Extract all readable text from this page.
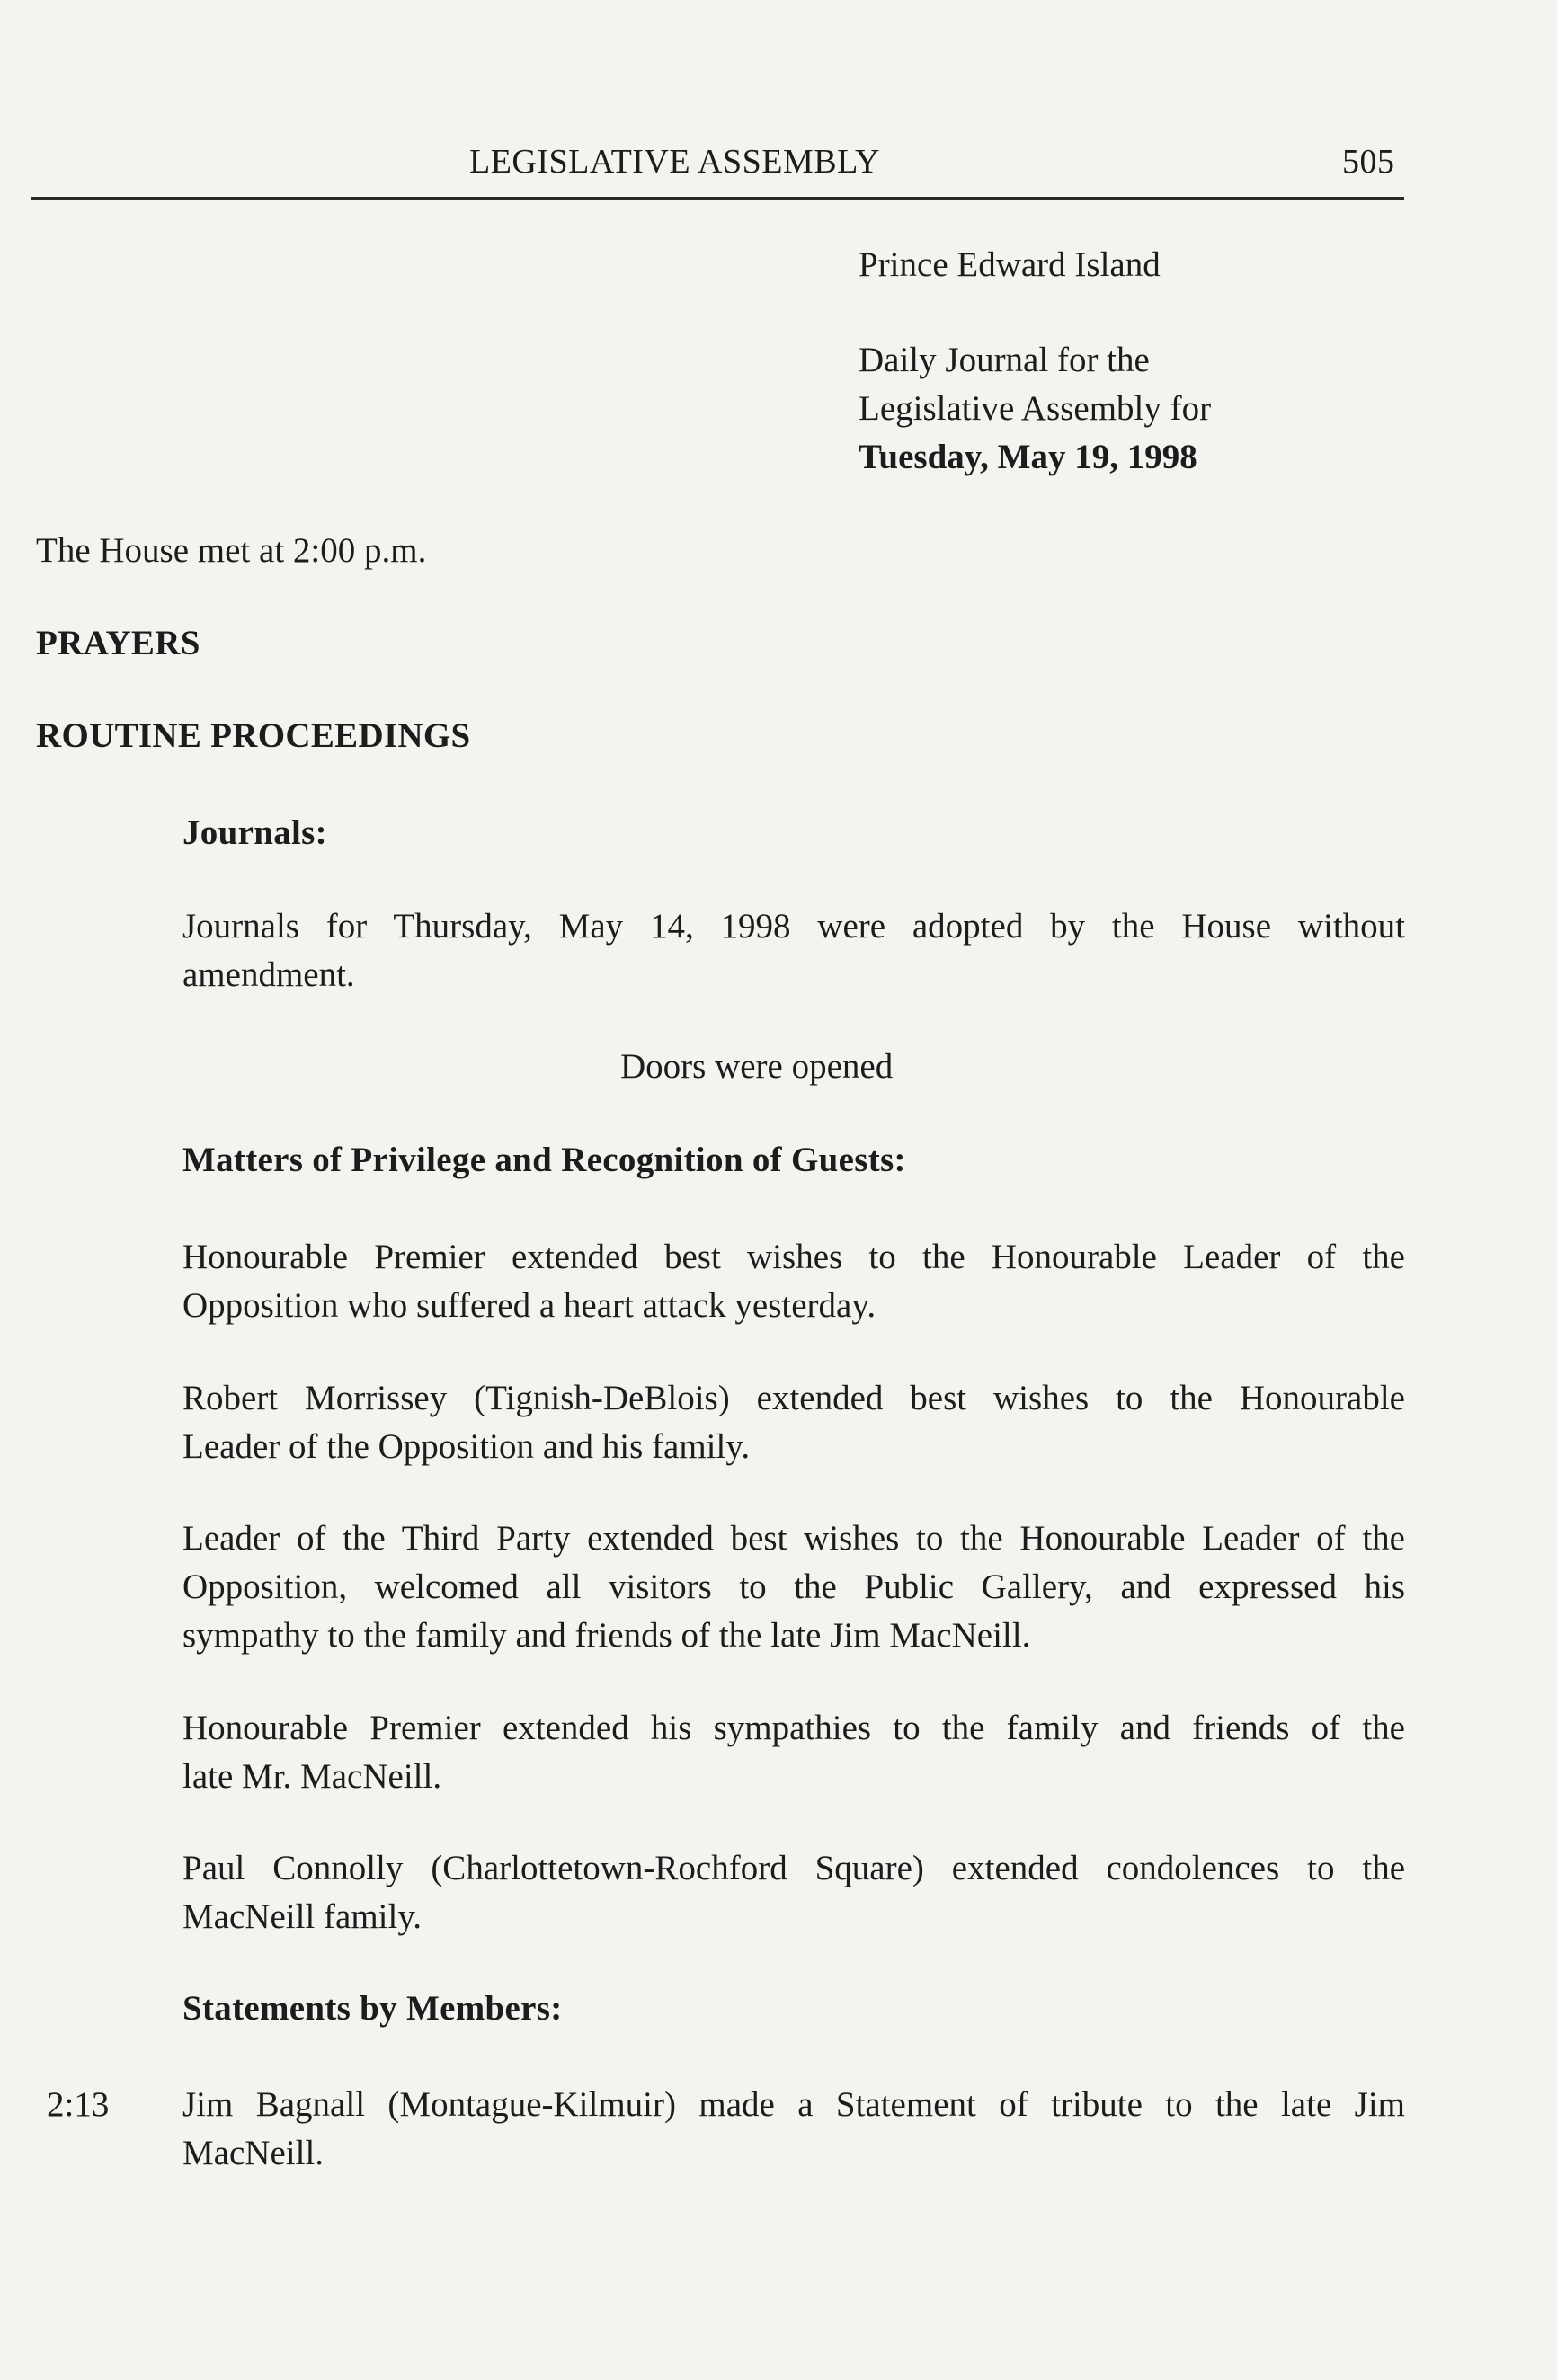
LEGISLATIVE ASSEMBLY	505
Prince Edward Island
Daily Journal for the
Legislative Assembly for
Tuesday, May 19, 1998
The House met at 2:00 p.m.
PRAYERS
ROUTINE PROCEEDINGS
Journals:
Journals for Thursday, May 14, 1998 were adopted by the House without
amendment.
Doors were opened
Matters of Privilege and Recognition of Guests:
Honourable Premier extended best wishes to the Honourable Leader of the
Opposition who suffered a heart attack yesterday.
Robert Morrissey (Tignish-DeBlois) extended best wishes to the Honourable
Leader of the Opposition and his family.
Leader of the Third Party extended best wishes to the Honourable Leader of the
Opposition, welcomed all visitors to the Public Gallery, and expressed his
sympathy to the family and friends of the late Jim MacNeill.
Honourable Premier extended his sympathies to the family and friends of the
late Mr. MacNeill.
Paul Connolly (Charlottetown-Rochford Square) extended condolences to the
MacNeill family.
Statements by Members:
2:13 Jim Bagnall (Montague-Kilmuir) made a Statement of tribute to the late Jim
MacNeill.
